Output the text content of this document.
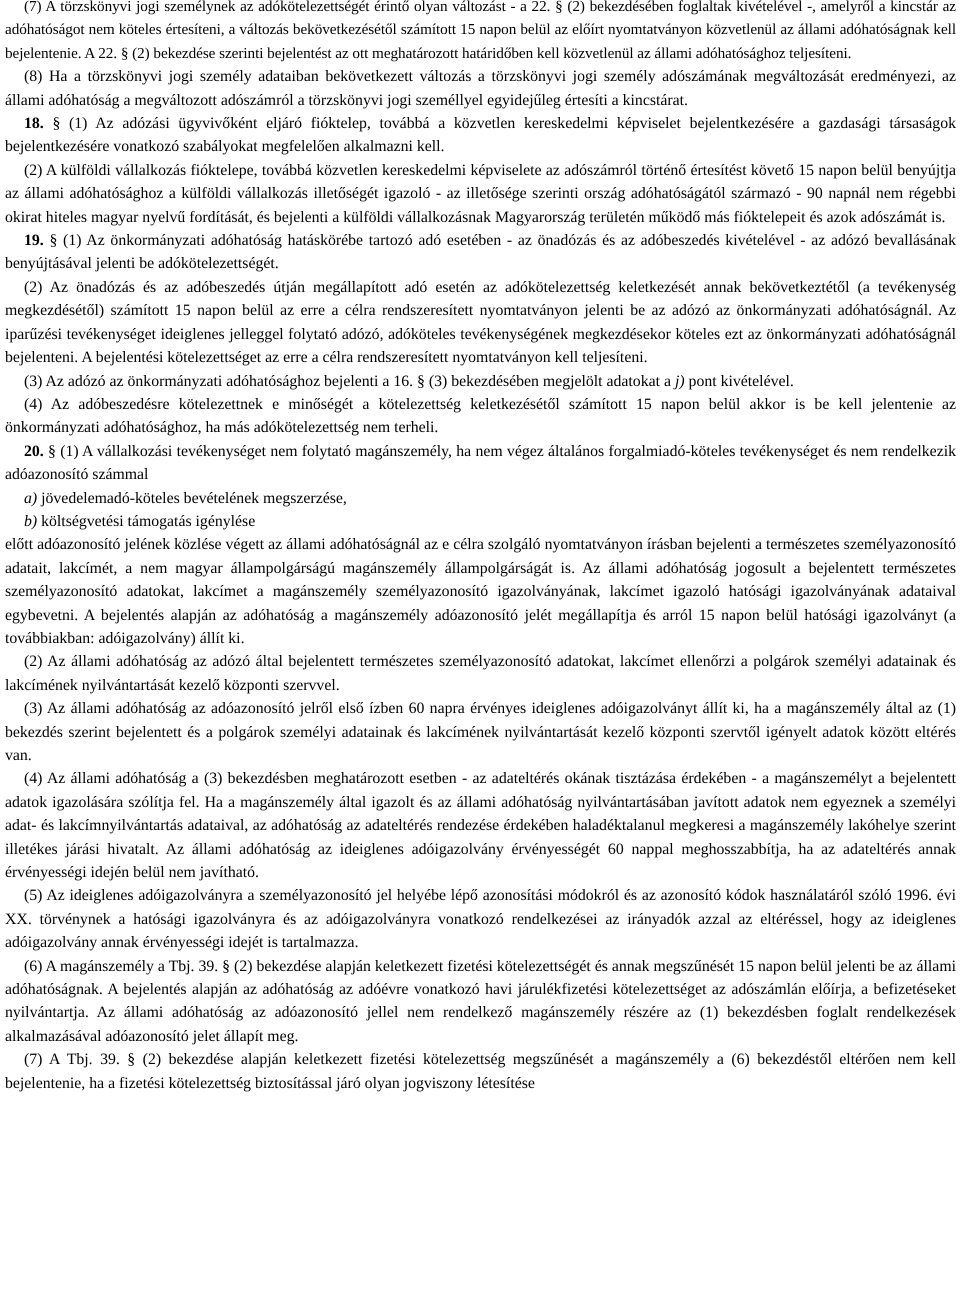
(7) A törzskönyvi jogi személynek az adókötelezettségét érintő olyan változást - a 22. § (2) bekezdésében foglaltak kivételével -, amelyről a kincstár az adóhatóságot nem köteles értesíteni, a változás bekövetkezésétől számított 15 napon belül az előírt nyomtatványon közvetlenül az állami adóhatóságnak kell bejelentenie. A 22. § (2) bekezdése szerinti bejelentést az ott meghatározott határidőben kell közvetlenül az állami adóhatósághoz teljesíteni.

(8) Ha a törzskönyvi jogi személy adataiban bekövetkezett változás a törzskönyvi jogi személy adószámának megváltozását eredményezi, az állami adóhatóság a megváltozott adószámról a törzskönyvi jogi személlyel egyidejűleg értesíti a kincstárat.

18. § (1) Az adózási ügyvivőként eljáró fióktelep, továbbá a közvetlen kereskedelmi képviselet bejelentkezésére a gazdasági társaságok bejelentkezésére vonatkozó szabályokat megfelelően alkalmazni kell.

(2) A külföldi vállalkozás fióktelepe, továbbá közvetlen kereskedelmi képviselete az adószámról történő értesítést követő 15 napon belül benyújtja az állami adóhatósághoz a külföldi vállalkozás illetőségét igazoló - az illetősége szerinti ország adóhatóságától származó - 90 napnál nem régebbi okirat hiteles magyar nyelvű fordítását, és bejelenti a külföldi vállalkozásnak Magyarország területén működő más fióktelepeit és azok adószámát is.

19. § (1) Az önkormányzati adóhatóság hatáskörébe tartozó adó esetében - az önadózás és az adóbeszedés kivételével - az adózó bevallásának benyújtásával jelenti be adókötelezettségét.

(2) Az önadózás és az adóbeszedés útján megállapított adó esetén az adókötelezettség keletkezését annak bekövetkeztétől (a tevékenység megkezdésétől) számított 15 napon belül az erre a célra rendszeresített nyomtatványon jelenti be az adózó az önkormányzati adóhatóságnál. Az iparűzési tevékenységet ideiglenes jelleggel folytató adózó, adóköteles tevékenységének megkezdésekor köteles ezt az önkormányzati adóhatóságnál bejelenteni. A bejelentési kötelezettséget az erre a célra rendszeresített nyomtatványon kell teljesíteni.

(3) Az adózó az önkormányzati adóhatósághoz bejelenti a 16. § (3) bekezdésében megjelölt adatokat a j) pont kivételével.

(4) Az adóbeszedésre kötelezettnek e minőségét a kötelezettség keletkezésétől számított 15 napon belül akkor is be kell jelentenie az önkormányzati adóhatósághoz, ha más adókötelezettség nem terheli.

20. § (1) A vállalkozási tevékenységet nem folytató magánszemély, ha nem végez általános forgalmiadó-köteles tevékenységet és nem rendelkezik adóazonosító számmal

a) jövedelemadó-köteles bevételének megszerzése,

b) költségvetési támogatás igénylése

előtt adóazonosító jelének közlése végett az állami adóhatóságnál az e célra szolgáló nyomtatványon írásban bejelenti a természetes személyazonosító adatait, lakcímét, a nem magyar állampolgárságú magánszemély állampolgárságát is. Az állami adóhatóság jogosult a bejelentett természetes személyazonosító adatokat, lakcímet a magánszemély személyazonosító igazolványának, lakcímet igazoló hatósági igazolványának adataival egybevetni. A bejelentés alapján az adóhatóság a magánszemély adóazonosító jelét megállapítja és arról 15 napon belül hatósági igazolványt (a továbbiakban: adóigazolvány) állít ki.

(2) Az állami adóhatóság az adózó által bejelentett természetes személyazonosító adatokat, lakcímet ellenőrzi a polgárok személyi adatainak és lakcímének nyilvántartását kezelő központi szervvel.

(3) Az állami adóhatóság az adóazonosító jelről első ízben 60 napra érvényes ideiglenes adóigazolványt állít ki, ha a magánszemély által az (1) bekezdés szerint bejelentett és a polgárok személyi adatainak és lakcímének nyilvántartását kezelő központi szervtől igényelt adatok között eltérés van.

(4) Az állami adóhatóság a (3) bekezdésben meghatározott esetben - az adateltérés okának tisztázása érdekében - a magánszemélyt a bejelentett adatok igazolására szólítja fel. Ha a magánszemély által igazolt és az állami adóhatóság nyilvántartásában javított adatok nem egyeznek a személyi adat- és lakcímnyilvántartás adataival, az adóhatóság az adateltérés rendezése érdekében haladéktalanul megkeresi a magánszemély lakóhelye szerint illetékes járási hivatalt. Az állami adóhatóság az ideiglenes adóigazolvány érvényességét 60 nappal meghosszabbítja, ha az adateltérés annak érvényességi idején belül nem javítható.

(5) Az ideiglenes adóigazolványra a személyazonosító jel helyébe lépő azonosítási módokról és az azonosító kódok használatáról szóló 1996. évi XX. törvénynek a hatósági igazolványra és az adóigazolványra vonatkozó rendelkezései az irányadók azzal az eltéréssel, hogy az ideiglenes adóigazolvány annak érvényességi idejét is tartalmazza.

(6) A magánszemély a Tbj. 39. § (2) bekezdése alapján keletkezett fizetési kötelezettségét és annak megszűnését 15 napon belül jelenti be az állami adóhatóságnak. A bejelentés alapján az adóhatóság az adóévre vonatkozó havi járulékfizetési kötelezettséget az adószámlán előírja, a befizetéseket nyilvántartja. Az állami adóhatóság az adóazonosító jellel nem rendelkező magánszemély részére az (1) bekezdésben foglalt rendelkezések alkalmazásával adóazonosító jelet állapít meg.

(7) A Tbj. 39. § (2) bekezdése alapján keletkezett fizetési kötelezettség megszűnését a magánszemély a (6) bekezdéstől eltérően nem kell bejelentenie, ha a fizetési kötelezettség biztosítással járó olyan jogviszony létesítése
